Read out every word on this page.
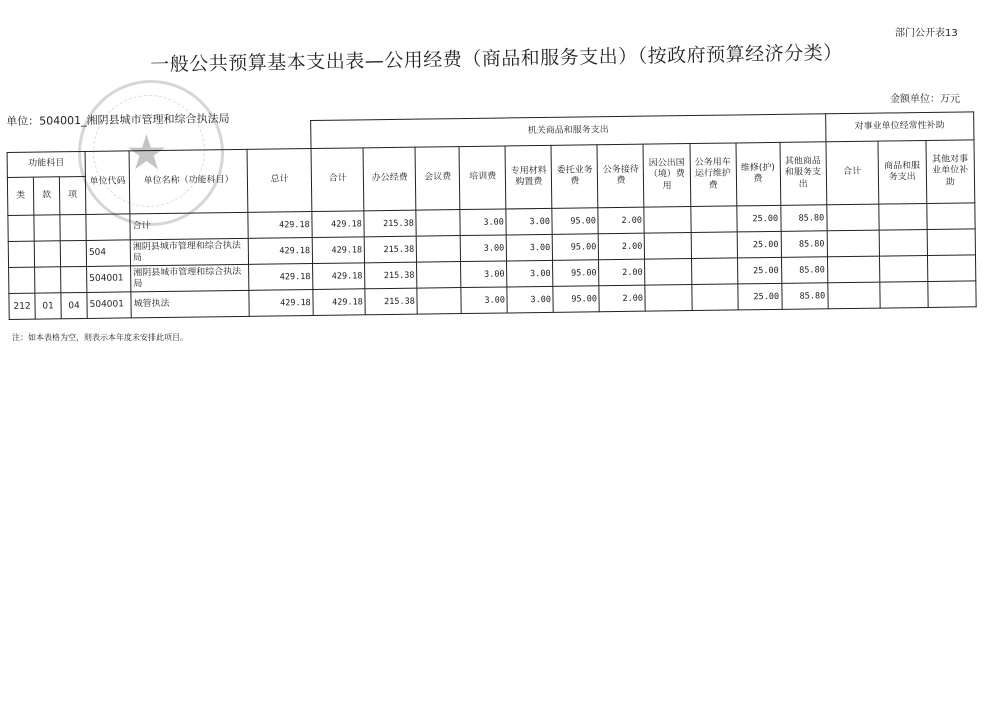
部门公开表13
一般公共预算基本支出表—公用经费（商品和服务支出）（按政府预算经济分类）
金额单位：万元
★
单位：504001_湘阴县城市管理和综合执法局
						机关商品和服务支出											对事业单位经常性补助		
功能科目			单位代码	单位名称（功能科目）	总计	合计	办公经费	会议费	培训费	专用材料购置费	委托业务费	公务接待费	因公出国（境）费用	公务用车运行维护费	维修(护)费	其他商品和服务支出	合计	商品和服务支出	其他对事业单位补助
类	款	项																	
				合计	429.18	429.18	215.38		3.00	3.00	95.00	2.00			25.00	85.80			
			504	湘阴县城市管理和综合执法局	429.18	429.18	215.38		3.00	3.00	95.00	2.00			25.00	85.80			
			504001	湘阴县城市管理和综合执法局	429.18	429.18	215.38		3.00	3.00	95.00	2.00			25.00	85.80			
212	01	04	504001	城管执法	429.18	429.18	215.38		3.00	3.00	95.00	2.00			25.00	85.80			
注：如本表格为空，则表示本年度未安排此项目。
